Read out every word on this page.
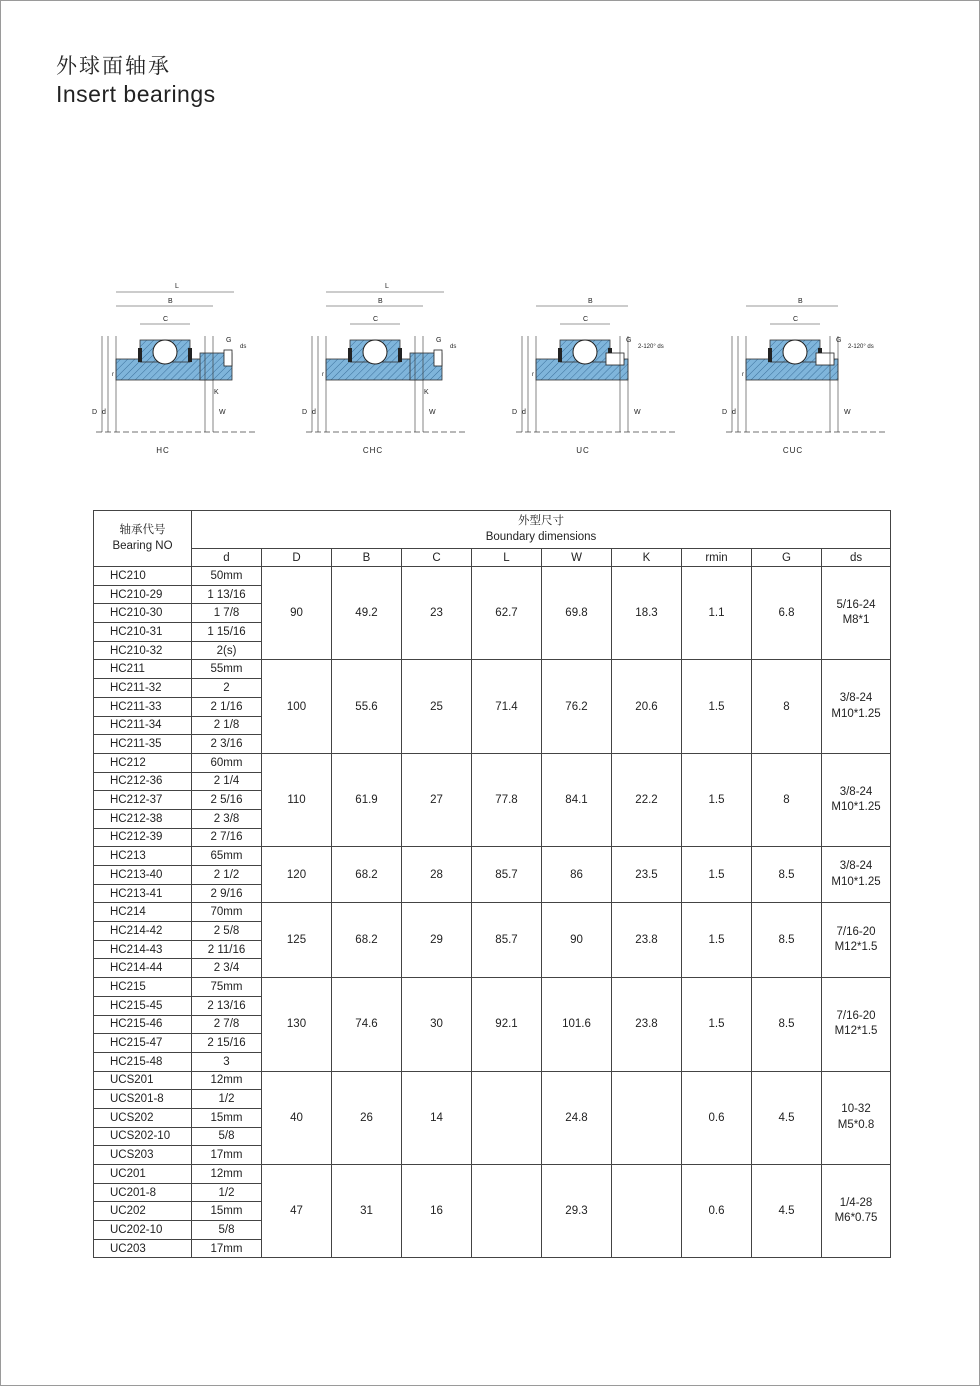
外球面轴承
Insert bearings
L
B
C
G
ds
K
D d	W
r
HC
L
B
C
G
ds
K
D d	W
r
CHC
B
C
G
2-120° ds
D d	W
r
UC
B
C
G
2-120° ds
D d	W
r
CUC
轴承代号
Bearing NO	外型尺寸
Boundary dimensions									

	d	D	B	C	L	W	K	rmin	G	ds
HC210	50mm	90	49.2	23	62.7	69.8	18.3	1.1	6.8	5/16-24
M8*1

HC210-29	1 13/16									
HC210-30	1 7/8									
HC210-31	1 15/16									
HC210-32	2(s)									
HC211	55mm	100	55.6	25	71.4	76.2	20.6	1.5	8	3/8-24
M10*1.25

HC211-32	2									
HC211-33	2 1/16									
HC211-34	2 1/8									
HC211-35	2 3/16									
HC212	60mm	110	61.9	27	77.8	84.1	22.2	1.5	8	3/8-24
M10*1.25

HC212-36	2 1/4									
HC212-37	2 5/16									
HC212-38	2 3/8									
HC212-39	2 7/16									
HC213	65mm	120	68.2	28	85.7	86	23.5	1.5	8.5	3/8-24
M10*1.25

HC213-40	2 1/2									
HC213-41	2 9/16									
HC214	70mm	125	68.2	29	85.7	90	23.8	1.5	8.5	7/16-20
M12*1.5

HC214-42	2 5/8									
HC214-43	2 11/16									
HC214-44	2 3/4									
HC215	75mm	130	74.6	30	92.1	101.6	23.8	1.5	8.5	7/16-20
M12*1.5

HC215-45	2 13/16									
HC215-46	2 7/8									
HC215-47	2 15/16									
HC215-48	3									
UCS201	12mm	40	26	14		24.8		0.6	4.5	10-32
M5*0.8

UCS201-8	1/2									
UCS202	15mm									
UCS202-10	5/8									
UCS203	17mm									
UC201	12mm	47	31	16		29.3		0.6	4.5	1/4-28
M6*0.75

UC201-8	1/2									
UC202	15mm									
UC202-10	5/8									
UC203	17mm									
